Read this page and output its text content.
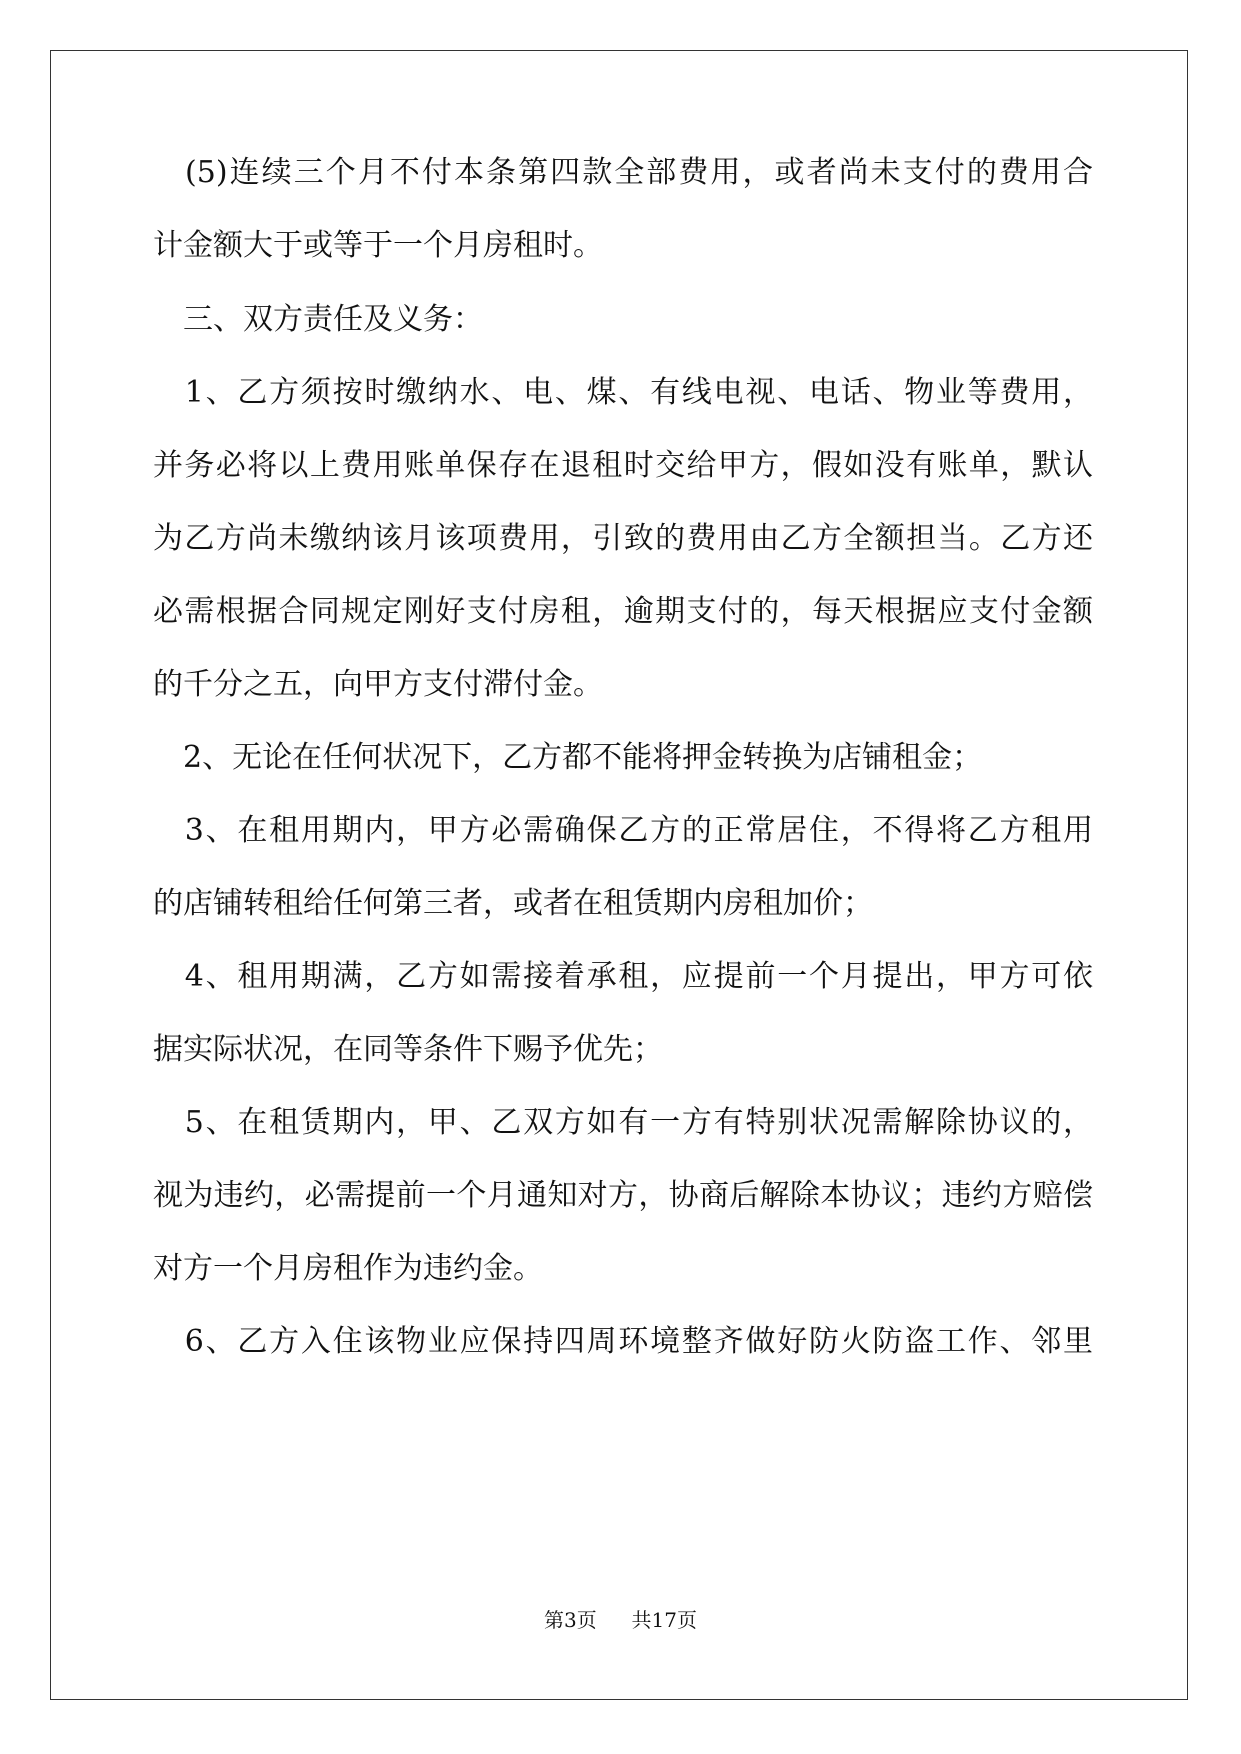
　(5)连续三个月不付本条第四款全部费用，或者尚未支付的费用合
计金额大于或等于一个月房租时。
　三、双方责任及义务：
　1、乙方须按时缴纳水、电、煤、有线电视、电话、物业等费用，
并务必将以上费用账单保存在退租时交给甲方，假如没有账单，默认
为乙方尚未缴纳该月该项费用，引致的费用由乙方全额担当。乙方还
必需根据合同规定刚好支付房租，逾期支付的，每天根据应支付金额
的千分之五，向甲方支付滞付金。
　2、无论在任何状况下，乙方都不能将押金转换为店铺租金；
　3、在租用期内，甲方必需确保乙方的正常居住，不得将乙方租用
的店铺转租给任何第三者，或者在租赁期内房租加价；
　4、租用期满，乙方如需接着承租，应提前一个月提出，甲方可依
据实际状况，在同等条件下赐予优先；
　5、在租赁期内，甲、乙双方如有一方有特别状况需解除协议的，
视为违约，必需提前一个月通知对方，协商后解除本协议；违约方赔偿
对方一个月房租作为违约金。
　6、乙方入住该物业应保持四周环境整齐做好防火防盗工作、邻里
第3页 共17页
